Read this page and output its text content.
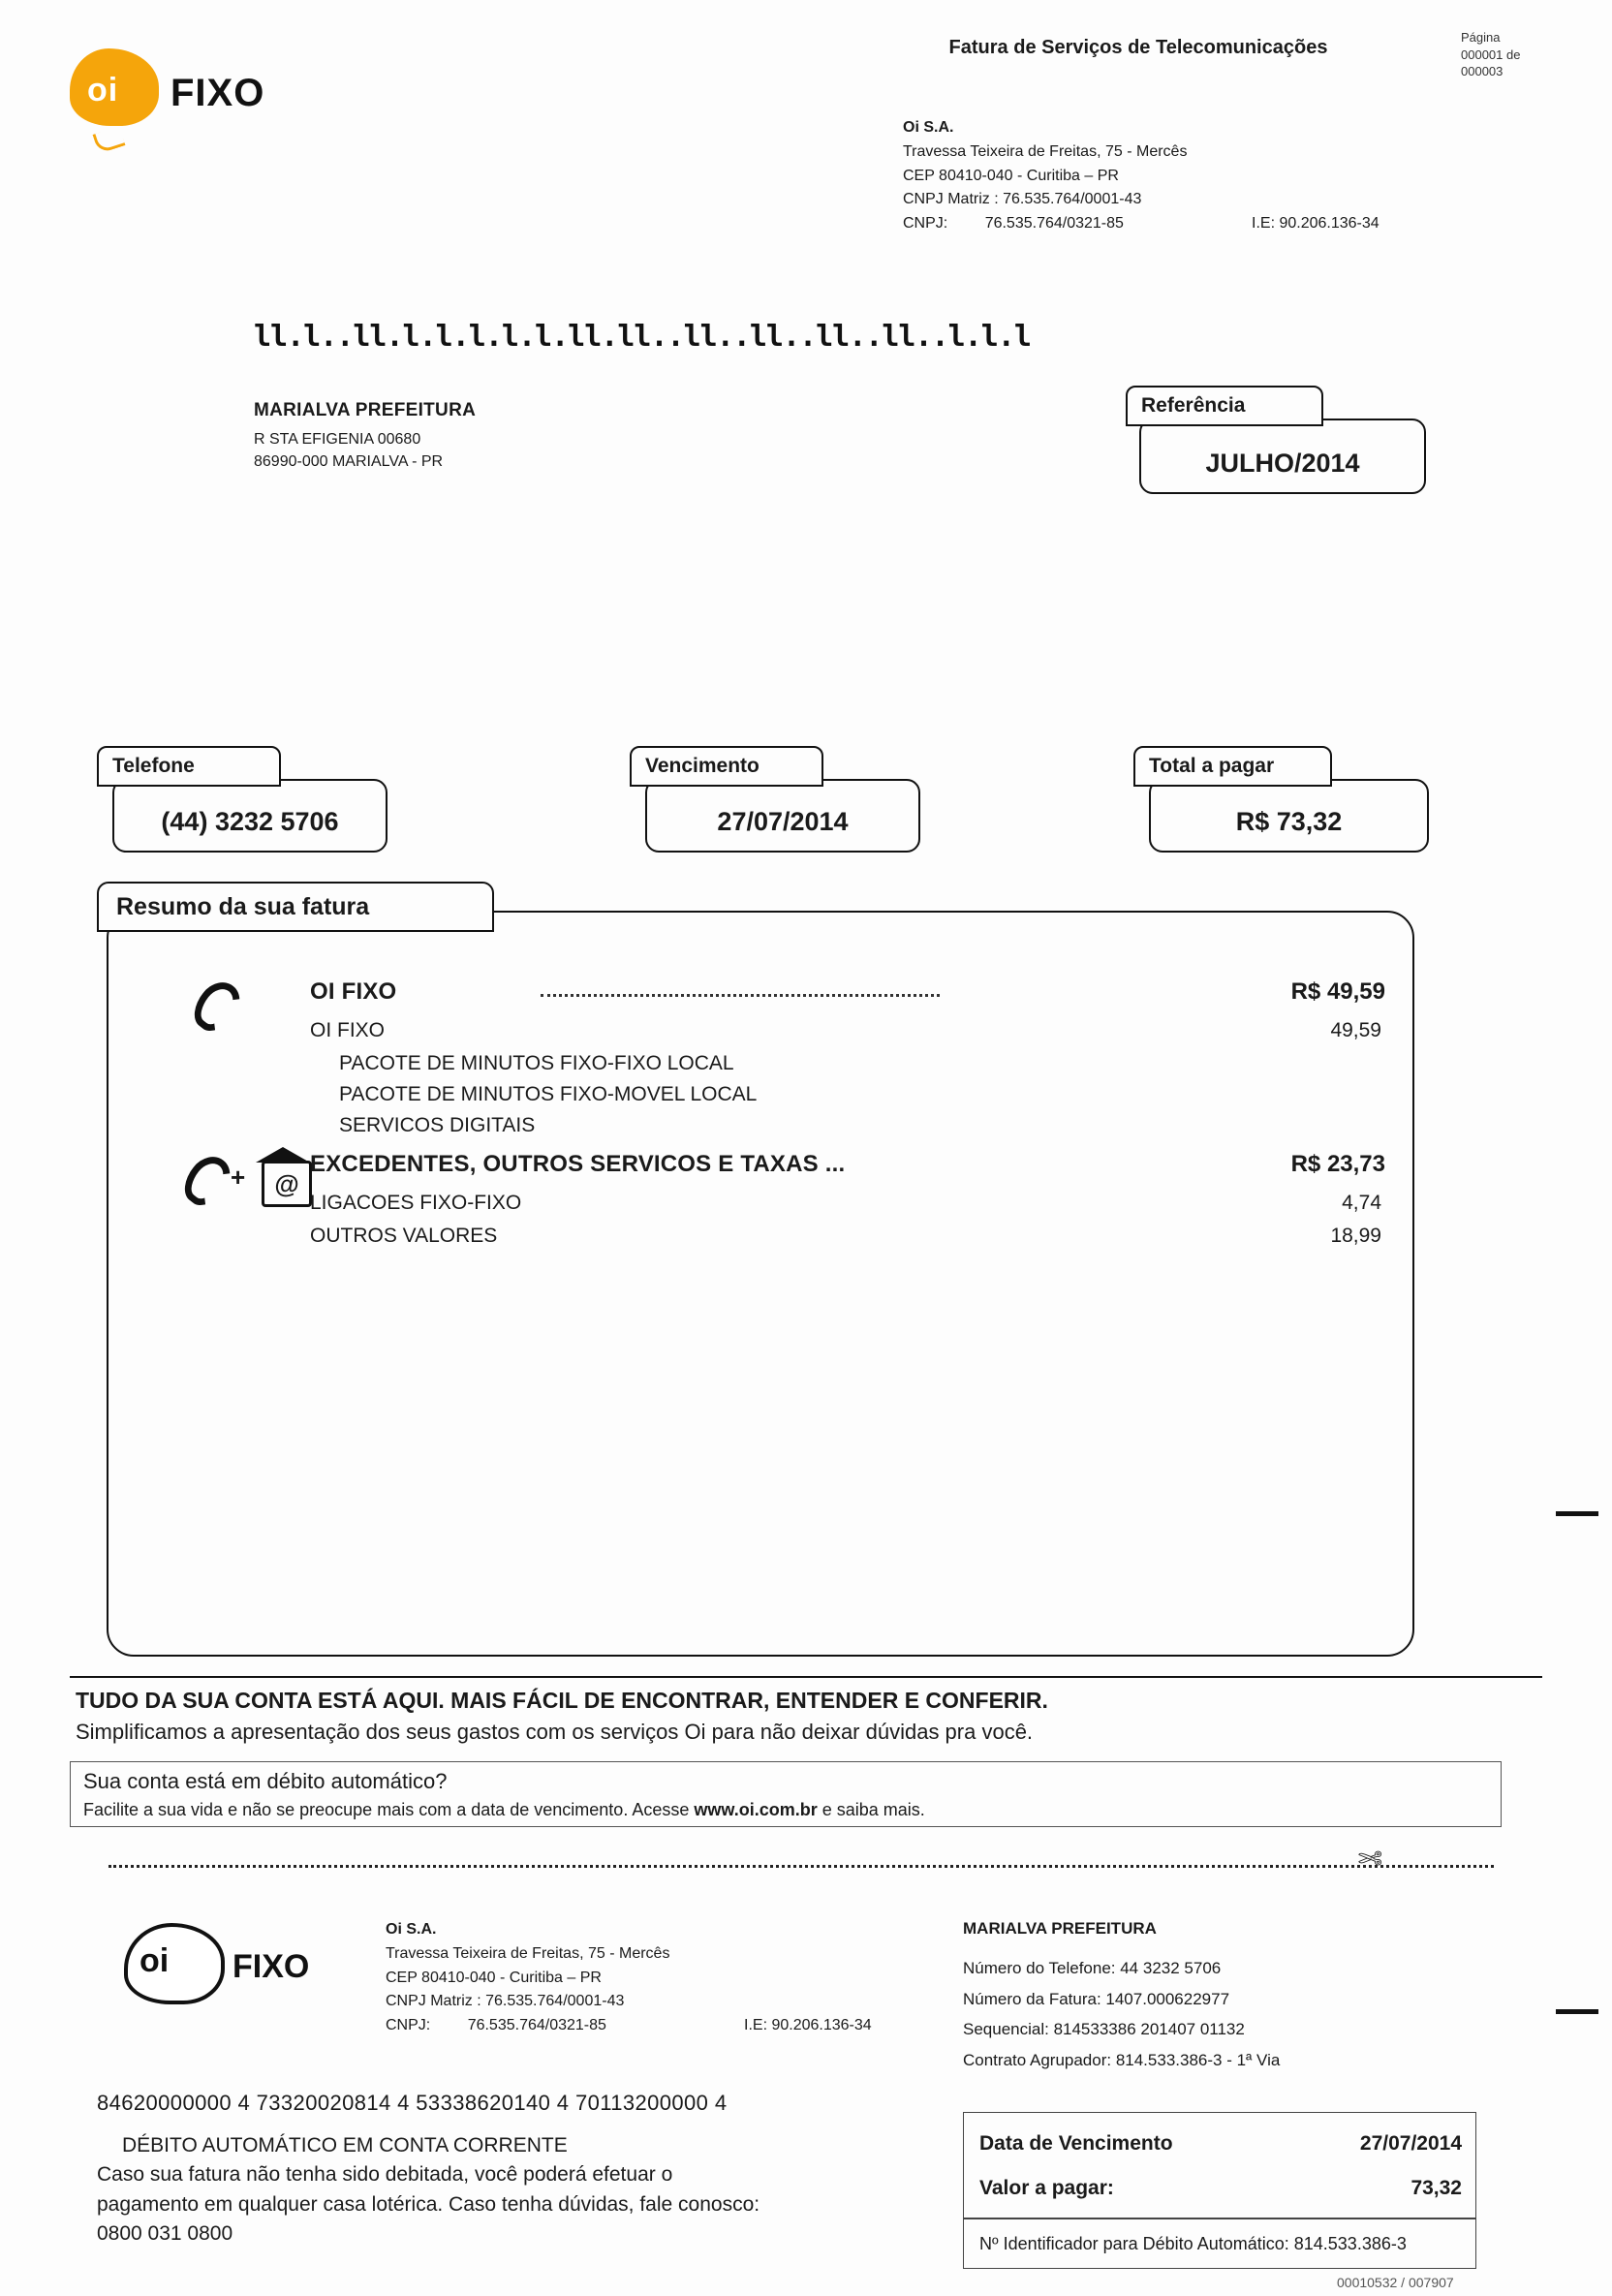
oi FIXO
Fatura de Serviços de Telecomunicações	Página
000001 de
000003
Oi S.A.
Travessa Teixeira de Freitas, 75 - Mercês
CEP 80410-040 - Curitiba – PR
CNPJ Matriz : 76.535.764/0001-43
CNPJ: 76.535.764/0321-85	I.E: 90.206.136-34
ll.l..ll.l.l.l.l.l.ll.ll..ll..ll..ll..ll..l.l.l
MARIALVA PREFEITURA
R STA EFIGENIA 00680
86990-000 MARIALVA - PR
Referência
JULHO/2014
Telefone
(44) 3232 5706
Vencimento
27/07/2014
Total a pagar
R$ 73,32
Resumo da sua fatura
OI FIXO	R$ 49,59
OI FIXO	49,59
PACOTE DE MINUTOS FIXO-FIXO LOCAL
PACOTE DE MINUTOS FIXO-MOVEL LOCAL
SERVICOS DIGITAIS
+	@
EXCEDENTES, OUTROS SERVICOS E TAXAS ...	R$ 23,73
LIGACOES FIXO-FIXO	4,74
OUTROS VALORES	18,99
TUDO DA SUA CONTA ESTÁ AQUI. MAIS FÁCIL DE ENCONTRAR, ENTENDER E CONFERIR.
Simplificamos a apresentação dos seus gastos com os serviços Oi para não deixar dúvidas pra você.
Sua conta está em débito automático?
Facilite a sua vida e não se preocupe mais com a data de vencimento. Acesse www.oi.com.br e saiba mais.
✄
oi FIXO
Oi S.A.
Travessa Teixeira de Freitas, 75 - Mercês
CEP 80410-040 - Curitiba – PR
CNPJ Matriz : 76.535.764/0001-43
CNPJ: 76.535.764/0321-85	I.E: 90.206.136-34
MARIALVA PREFEITURA
Número do Telefone: 44 3232 5706
Número da Fatura: 1407.000622977
Sequencial: 814533386 201407 01132
Contrato Agrupador: 814.533.386-3 - 1ª Via
84620000000 4 73320020814 4 53338620140 4 70113200000 4
DÉBITO AUTOMÁTICO EM CONTA CORRENTE
Caso sua fatura não tenha sido debitada, você poderá efetuar o pagamento em qualquer casa lotérica. Caso tenha dúvidas, fale conosco: 0800 031 0800
Data de Vencimento	27/07/2014
Valor a pagar:	73,32
Nº Identificador para Débito Automático: 814.533.386-3
00010532 / 007907
